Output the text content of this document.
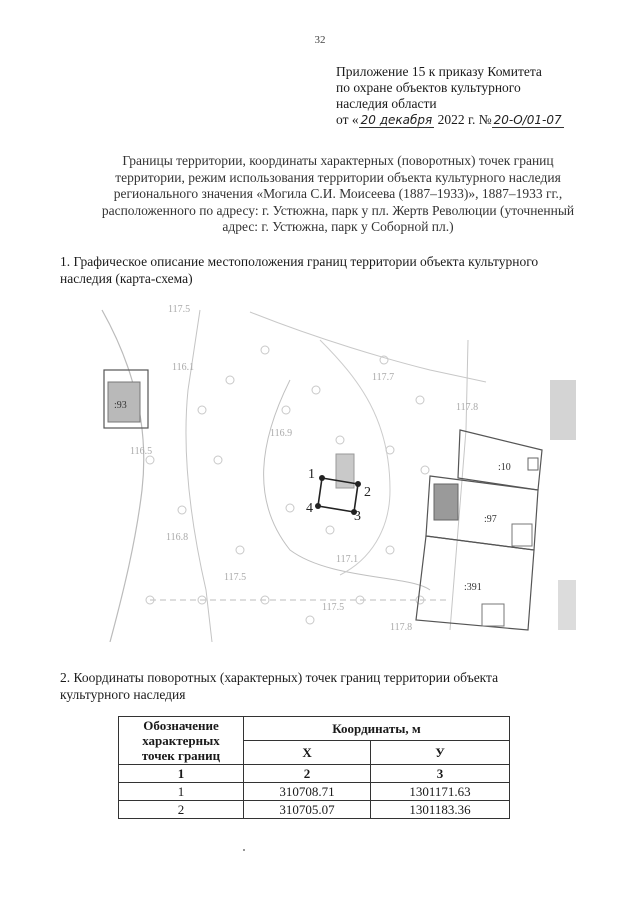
32
Приложение 15 к приказу Комитета
по охране объектов культурного
наследия области
от « 20 декабря 2022 г. № 20-О/01-07
Границы территории, координаты характерных (поворотных) точек границ
территории, режим использования территории объекта культурного наследия
регионального значения «Могила С.И. Моисеева (1887–1933)», 1887–1933 гг.,
расположенного по адресу: г. Устюжна, парк у пл. Жертв Революции (уточненный
адрес: г. Устюжна, парк у Соборной пл.)
1. Графическое описание местоположения границ территории объекта культурного
наследия (карта-схема)
1
2
3
4
117.5
116.1
116.5
116.9
117.7
117.8
116.8
117.5
117.1
117.5
117.8
:93
:10
:97
:391
2. Координаты поворотных (характерных) точек границ территории объекта
культурного наследия
Обозначение
характерных
точек границ	Координаты, м	
	X	У
1	2	3
1	310708.71	1301171.63
2	310705.07	1301183.36
